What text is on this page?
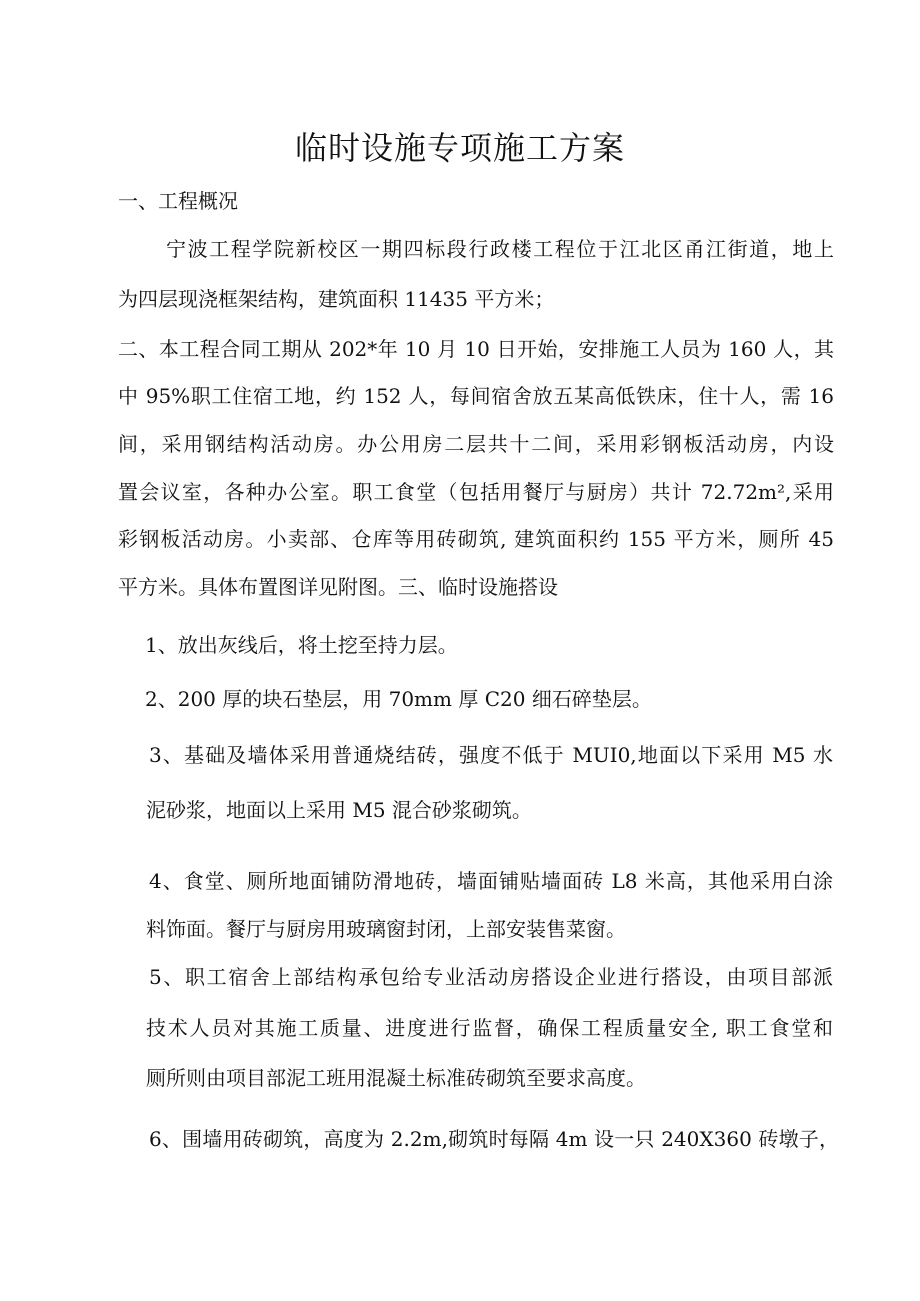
临时设施专项施工方案
一、工程概况
宁波工程学院新校区一期四标段行政楼工程位于江北区甬江街道，地上
为四层现浇框架结构，建筑面积 11435 平方米；
二、本工程合同工期从 202*年 10 月 10 日开始，安排施工人员为 160 人，其
中 95%职工住宿工地，约 152 人，每间宿舍放五某高低铁床，住十人，需 16
间，采用钢结构活动房。办公用房二层共十二间，采用彩钢板活动房，内设
置会议室，各种办公室。职工食堂（包括用餐厅与厨房）共计 72.72m²,采用
彩钢板活动房。小卖部、仓库等用砖砌筑, 建筑面积约 155 平方米，厕所 45
平方米。具体布置图详见附图。三、临时设施搭设
1、放出灰线后，将土挖至持力层。
2、200 厚的块石垫层，用 70mm 厚 C20 细石碎垫层。
3、基础及墙体采用普通烧结砖，强度不低于 MUI0,地面以下采用 M5 水
泥砂浆，地面以上采用 M5 混合砂浆砌筑。
4、食堂、厕所地面铺防滑地砖，墙面铺贴墙面砖 L8 米高，其他采用白涂
料饰面。餐厅与厨房用玻璃窗封闭，上部安装售菜窗。
5、职工宿舍上部结构承包给专业活动房搭设企业进行搭设，由项目部派
技术人员对其施工质量、进度进行监督，确保工程质量安全, 职工食堂和
厕所则由项目部泥工班用混凝土标准砖砌筑至要求高度。
6、围墙用砖砌筑，高度为 2.2m,砌筑时每隔 4m 设一只 240X360 砖墩子，
